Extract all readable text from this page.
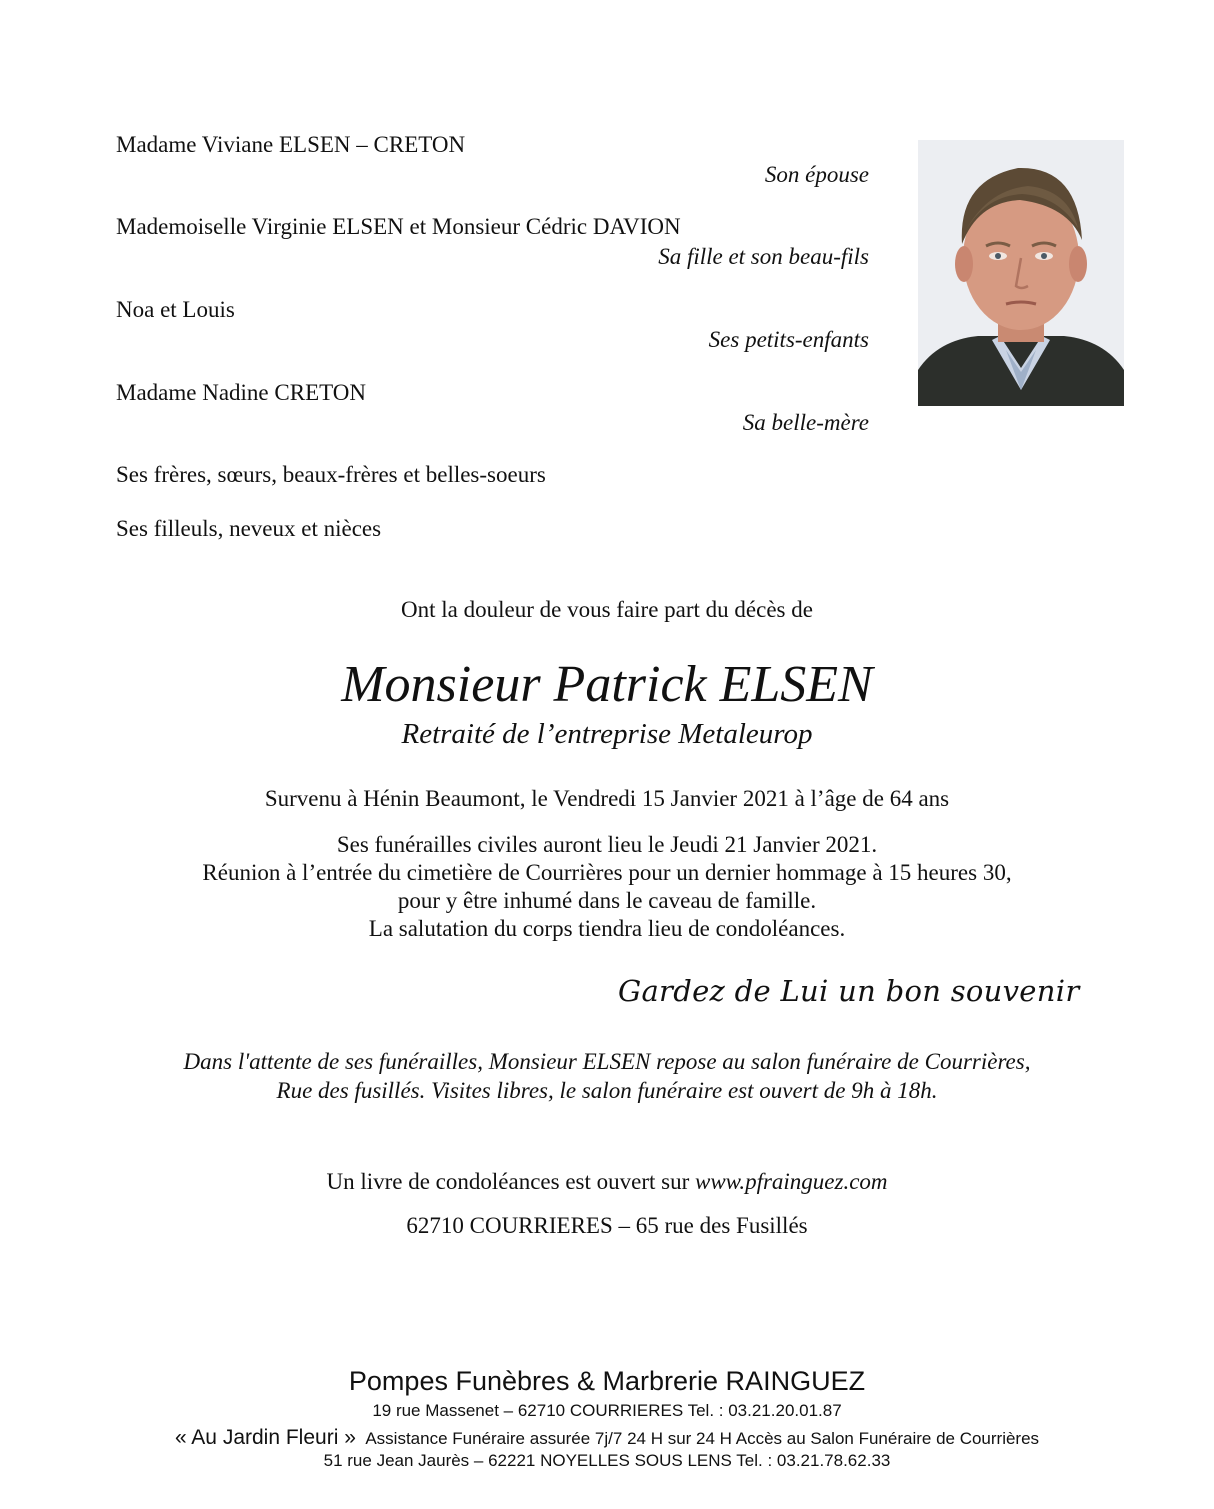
Madame Viviane ELSEN – CRETON
Son épouse
Mademoiselle Virginie ELSEN et Monsieur Cédric DAVION
Sa fille et son beau-fils
Noa et Louis
Ses petits-enfants
Madame Nadine CRETON
Sa belle-mère
Ses frères, sœurs, beaux-frères et belles-soeurs
Ses filleuls, neveux et nièces
Ont la douleur de vous faire part du décès de
Monsieur Patrick ELSEN
Retraité de l’entreprise Metaleurop
Survenu à Hénin Beaumont, le Vendredi 15 Janvier 2021 à l’âge de 64 ans
Ses funérailles civiles auront lieu le Jeudi 21 Janvier 2021.
Réunion à l’entrée du cimetière de Courrières pour un dernier hommage à 15 heures 30,
pour y être inhumé dans le caveau de famille.
La salutation du corps tiendra lieu de condoléances.
Gardez de Lui un bon souvenir
Dans l'attente de ses funérailles, Monsieur ELSEN repose au salon funéraire de Courrières,
Rue des fusillés. Visites libres, le salon funéraire est ouvert de 9h à 18h.
Un livre de condoléances est ouvert sur www.pfrainguez.com
62710 COURRIERES – 65 rue des Fusillés
Pompes Funèbres & Marbrerie RAINGUEZ
19 rue Massenet – 62710 COURRIERES Tel. : 03.21.20.01.87
« Au Jardin Fleuri » Assistance Funéraire assurée 7j/7 24 H sur 24 H Accès au Salon Funéraire de Courrières
51 rue Jean Jaurès – 62221 NOYELLES SOUS LENS Tel. : 03.21.78.62.33
